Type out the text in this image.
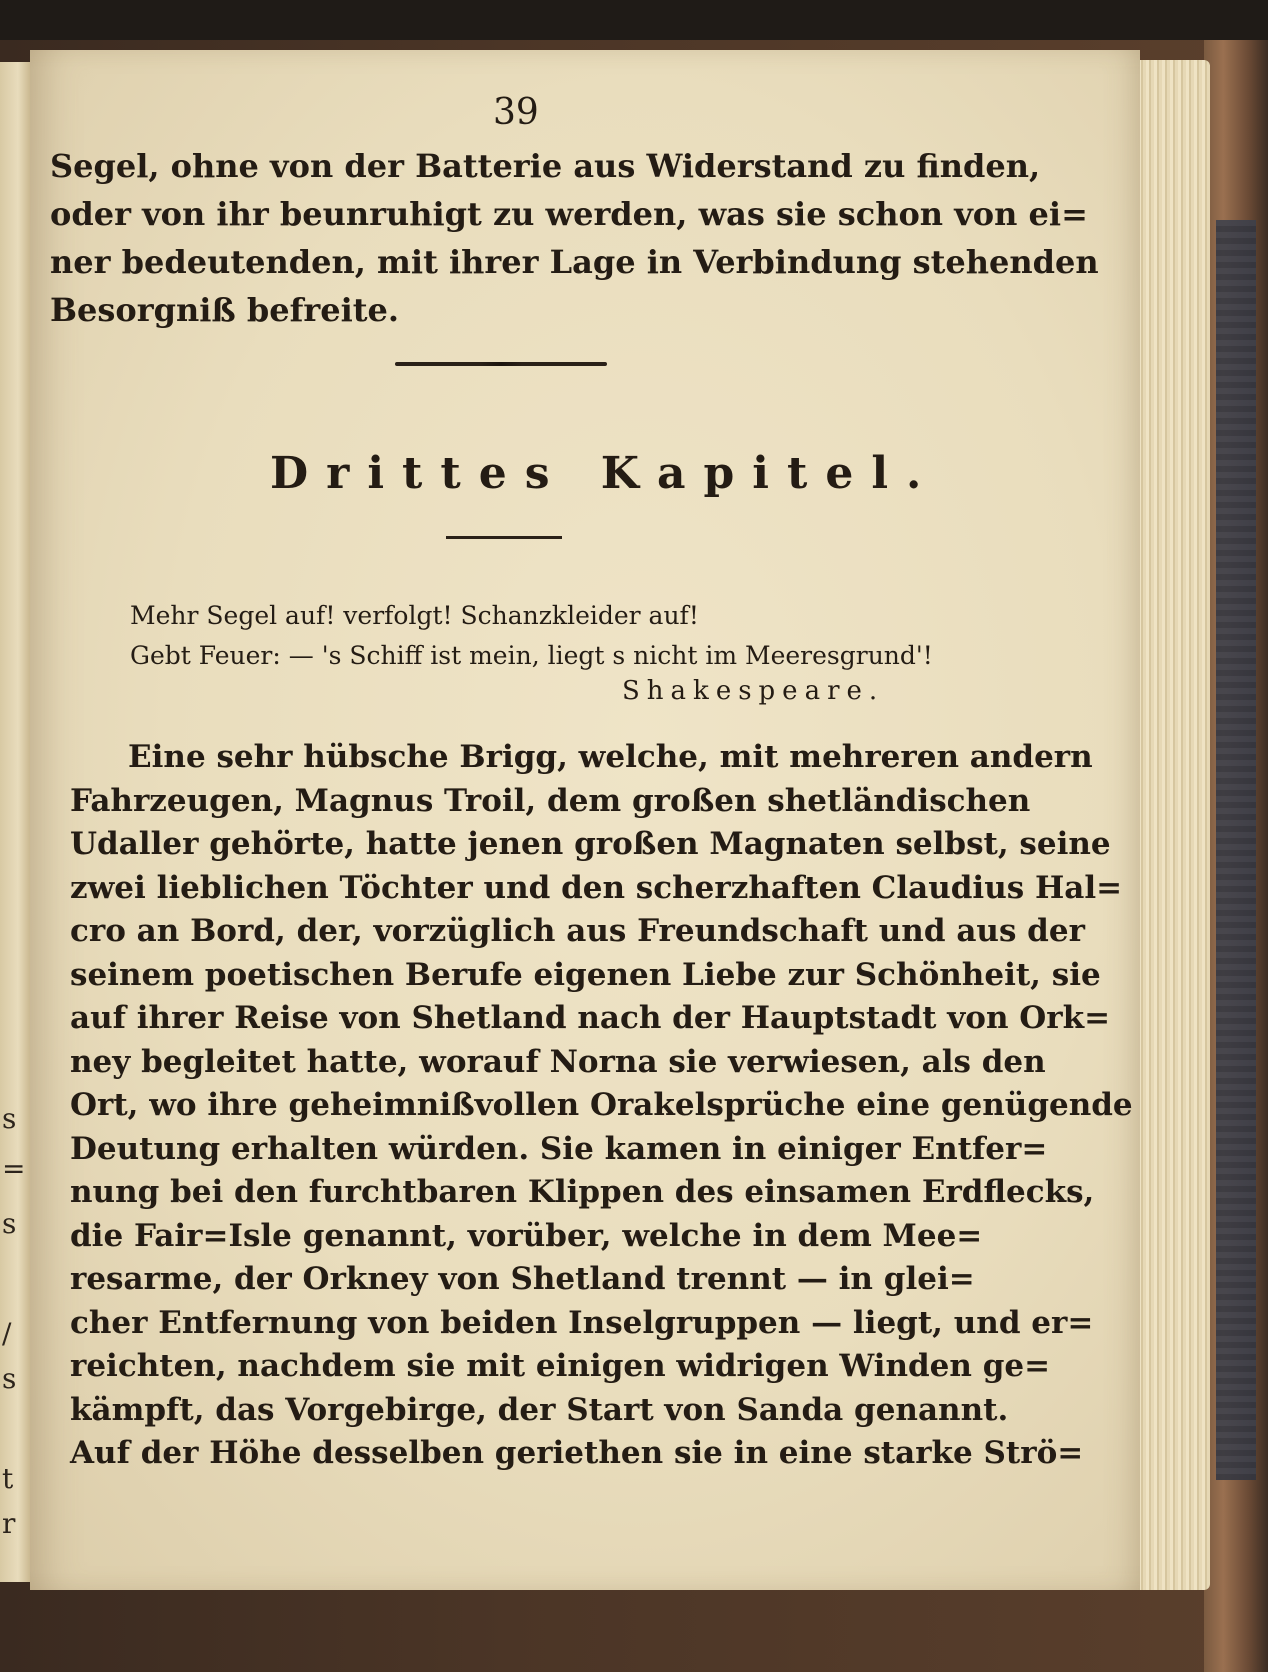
s
=
s
/
s
t
r
39
Segel, ohne von der Batterie aus Widerstand zu finden,
oder von ihr beunruhigt zu werden, was sie schon von ei=
ner bedeutenden, mit ihrer Lage in Verbindung stehenden
Besorgniß befreite.
Drittes Kapitel.
Mehr Segel auf! verfolgt! Schanzkleider auf!
Gebt Feuer: — 's Schiff ist mein, liegt s nicht im Meeresgrund'!
Shakespeare.
Eine sehr hübsche Brigg, welche, mit mehreren andern
Fahrzeugen, Magnus Troil, dem großen shetländischen
Udaller gehörte, hatte jenen großen Magnaten selbst, seine
zwei lieblichen Töchter und den scherzhaften Claudius Hal=
cro an Bord, der, vorzüglich aus Freundschaft und aus der
seinem poetischen Berufe eigenen Liebe zur Schönheit, sie
auf ihrer Reise von Shetland nach der Hauptstadt von Ork=
ney begleitet hatte, worauf Norna sie verwiesen, als den
Ort, wo ihre geheimnißvollen Orakelsprüche eine genügende
Deutung erhalten würden. Sie kamen in einiger Entfer=
nung bei den furchtbaren Klippen des einsamen Erdflecks,
die Fair=Isle genannt, vorüber, welche in dem Mee=
resarme, der Orkney von Shetland trennt — in glei=
cher Entfernung von beiden Inselgruppen — liegt, und er=
reichten, nachdem sie mit einigen widrigen Winden ge=
kämpft, das Vorgebirge, der Start von Sanda genannt.
Auf der Höhe desselben geriethen sie in eine starke Strö=
